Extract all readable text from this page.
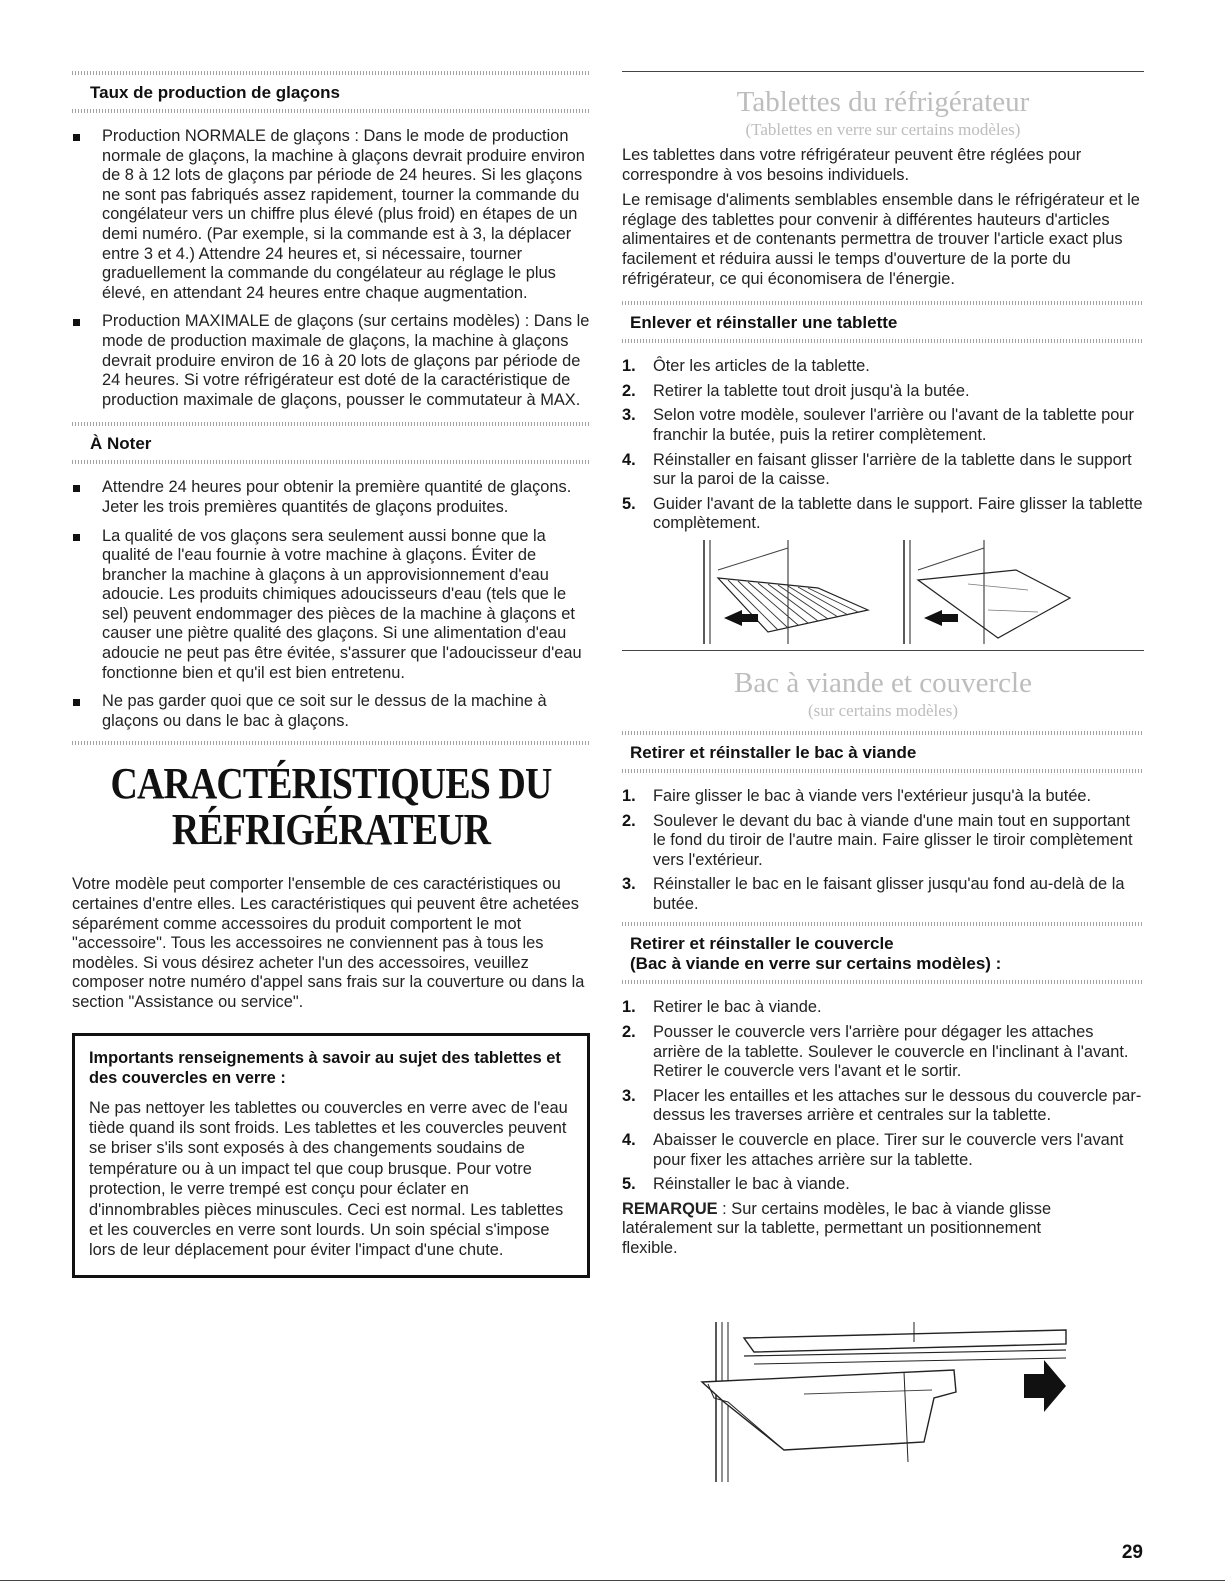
Taux de production de glaçons
Production NORMALE de glaçons : Dans le mode de production normale de glaçons, la machine à glaçons devrait produire environ de 8 à 12 lots de glaçons par période de 24 heures. Si les glaçons ne sont pas fabriqués assez rapidement, tourner la commande du congélateur vers un chiffre plus élevé (plus froid) en étapes de un demi numéro. (Par exemple, si la commande est à 3, la déplacer entre 3 et 4.) Attendre 24 heures et, si nécessaire, tourner graduellement la commande du congélateur au réglage le plus élevé, en attendant 24 heures entre chaque augmentation.
Production MAXIMALE de glaçons (sur certains modèles) : Dans le mode de production maximale de glaçons, la machine à glaçons devrait produire environ de 16 à 20 lots de glaçons par période de 24 heures. Si votre réfrigérateur est doté de la caractéristique de production maximale de glaçons, pousser le commutateur à MAX.
À Noter
Attendre 24 heures pour obtenir la première quantité de glaçons. Jeter les trois premières quantités de glaçons produites.
La qualité de vos glaçons sera seulement aussi bonne que la qualité de l'eau fournie à votre machine à glaçons. Éviter de brancher la machine à glaçons à un approvisionnement d'eau adoucie. Les produits chimiques adoucisseurs d'eau (tels que le sel) peuvent endommager des pièces de la machine à glaçons et causer une piètre qualité des glaçons. Si une alimentation d'eau adoucie ne peut pas être évitée, s'assurer que l'adoucisseur d'eau fonctionne bien et qu'il est bien entretenu.
Ne pas garder quoi que ce soit sur le dessus de la machine à glaçons ou dans le bac à glaçons.
CARACTÉRISTIQUES DU
RÉFRIGÉRATEUR

Votre modèle peut comporter l'ensemble de ces caractéristiques ou certaines d'entre elles. Les caractéristiques qui peuvent être achetées séparément comme accessoires du produit comportent le mot "accessoire". Tous les accessoires ne conviennent pas à tous les modèles. Si vous désirez acheter l'un des accessoires, veuillez composer notre numéro d'appel sans frais sur la couverture ou dans la section "Assistance ou service".

Importants renseignements à savoir au sujet des tablettes et des couvercles en verre :

Ne pas nettoyer les tablettes ou couvercles en verre avec de l'eau tiède quand ils sont froids. Les tablettes et les couvercles peuvent se briser s'ils sont exposés à des changements soudains de température ou à un impact tel que coup brusque. Pour votre protection, le verre trempé est conçu pour éclater en d'innombrables pièces minuscules. Ceci est normal. Les tablettes et les couvercles en verre sont lourds. Un soin spécial s'impose lors de leur déplacement pour éviter l'impact d'une chute.

Tablettes du réfrigérateur
(Tablettes en verre sur certains modèles)

Les tablettes dans votre réfrigérateur peuvent être réglées pour correspondre à vos besoins individuels.

Le remisage d'aliments semblables ensemble dans le réfrigérateur et le réglage des tablettes pour convenir à différentes hauteurs d'articles alimentaires et de contenants permettra de trouver l'article exact plus facilement et réduira aussi le temps d'ouverture de la porte du réfrigérateur, ce qui économisera de l'énergie.

Enlever et réinstaller une tablette
1. Ôter les articles de la tablette.
2. Retirer la tablette tout droit jusqu'à la butée.
3. Selon votre modèle, soulever l'arrière ou l'avant de la tablette pour franchir la butée, puis la retirer complètement.
4. Réinstaller en faisant glisser l'arrière de la tablette dans le support sur la paroi de la caisse.
5. Guider l'avant de la tablette dans le support. Faire glisser la tablette complètement.
Bac à viande et couvercle
(sur certains modèles)
Retirer et réinstaller le bac à viande
1. Faire glisser le bac à viande vers l'extérieur jusqu'à la butée.
2. Soulever le devant du bac à viande d'une main tout en supportant le fond du tiroir de l'autre main. Faire glisser le tiroir complètement vers l'extérieur.
3. Réinstaller le bac en le faisant glisser jusqu'au fond au-delà de la butée.
Retirer et réinstaller le couvercle
(Bac à viande en verre sur certains modèles) :
1. Retirer le bac à viande.
2. Pousser le couvercle vers l'arrière pour dégager les attaches arrière de la tablette. Soulever le couvercle en l'inclinant à l'avant. Retirer le couvercle vers l'avant et le sortir.
3. Placer les entailles et les attaches sur le dessous du couvercle par-dessus les traverses arrière et centrales sur la tablette.
4. Abaisser le couvercle en place. Tirer sur le couvercle vers l'avant pour fixer les attaches arrière sur la tablette.
5. Réinstaller le bac à viande.

REMARQUE : Sur certains modèles, le bac à viande glisse latéralement sur la tablette, permettant un positionnement flexible.

29
